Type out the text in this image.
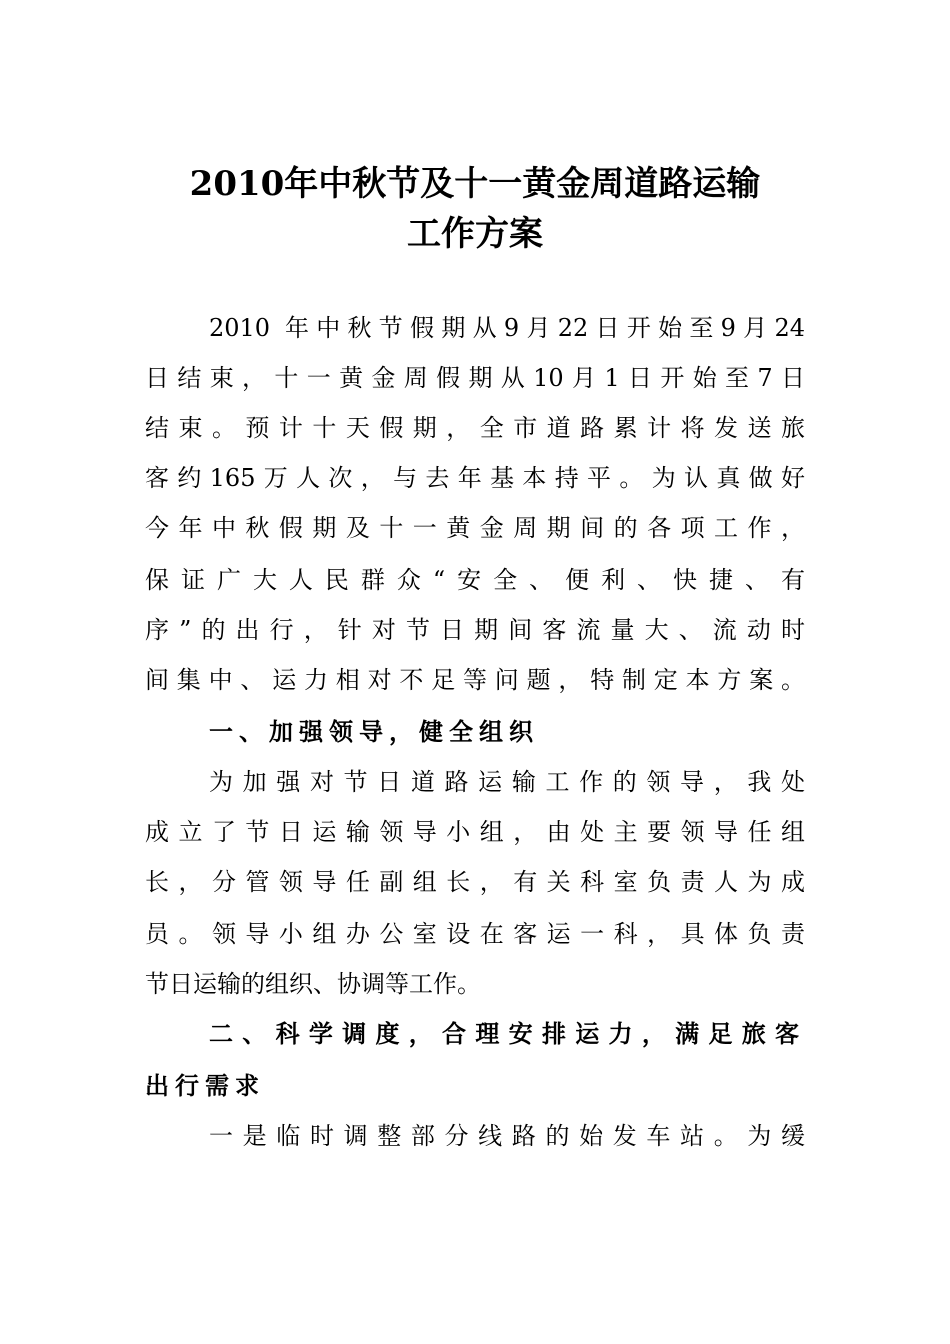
2010年中秋节及十一黄金周道路运输
工作方案
2010 年中秋节假期从9月22日开始至9月24
日结束，十一黄金周假期从10月1日开始至7日
结束。预计十天假期，全市道路累计将发送旅
客约165万人次，与去年基本持平。为认真做好
今年中秋假期及十一黄金周期间的各项工作，
保证广大人民群众“安全、便利、快捷、有
序”的出行，针对节日期间客流量大、流动时
间集中、运力相对不足等问题，特制定本方案。
一、加强领导，健全组织
为加强对节日道路运输工作的领导，我处
成立了节日运输领导小组，由处主要领导任组
长，分管领导任副组长，有关科室负责人为成
员。领导小组办公室设在客运一科，具体负责
节日运输的组织、协调等工作。
二、科学调度，合理安排运力，满足旅客
出行需求
一是临时调整部分线路的始发车站。为缓
